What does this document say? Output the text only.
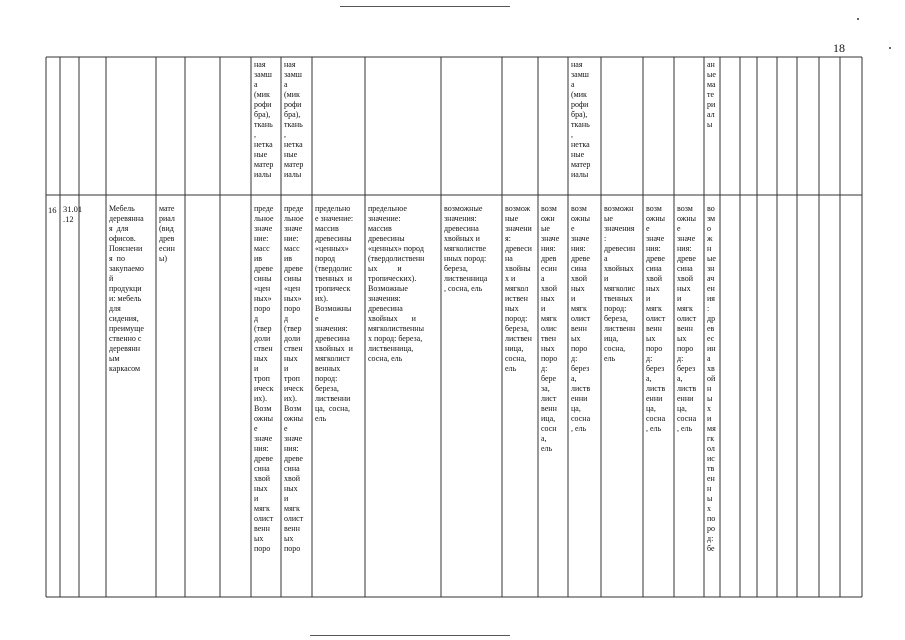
18
ная
замш
а
(мик
рофи
бра),
ткань
,
нетка
ные
матер
иалы
ная
замш
а
(мик
рофи
бра),
ткань
,
нетка
ные
матер
иалы
ная
замш
а
(мик
рофи
бра),
ткань
,
нетка
ные
матер
иалы
ан
ые
ма
те
ри
ал
ы
16 31.01
.12
Мебель
деревянна
я  для
офисов.
Пояснени
я  по
закупаемо
й
продукци
и: мебель
для
сидения,
преимуще
ственно с
деревянн
ым
каркасом
мате
риал
(вид
древ
есин
ы)
преде
льное
значе
ние:
масс
ив
древе
сины
«цен
ных»
поро
д
(твер
доли
ствен
ных
и
троп
ическ
их).
Возм
ожны
е
значе
ния:
древе
сина
хвой
ных
и
мягк
олист
венн
ых
поро
преде
льное
значе
ние:
масс
ив
древе
сины
«цен
ных»
поро
д
(твер
доли
ствен
ных
и
троп
ическ
их).
Возм
ожны
е
значе
ния:
древе
сина
хвой
ных
и
мягк
олист
венн
ых
поро
предельно
е значение:
массив
древесины
«ценных»
пород
(твердолис
твенных  и
тропическ
их).
Возможны
е
значения:
древесина
хвойных  и
мягколист
венных
пород:
береза,
лиственни
ца,  сосна,
ель
предельное
значение:
массив
древесины
«ценных» пород
(твердолиственн
ых          и
тропических).
Возможные
значения:
древесина
хвойных       и
мягколиственны
х пород: береза,
лиственница,
сосна, ель
возможные
значения:
древесина
хвойных и
мягколистве
нных пород:
береза,
лиственница
, сосна, ель
возмож
ные
значени
я:
древеси
на
хвойны
х и
мягкол
иствен
ных
пород:
береза,
листвен
ница,
сосна,
ель
возм
ожн
ые
значе
ния:
древ
есин
а
хвой
ных
и
мягк
олис
твен
ных
поро
д:
бере
за,
лист
венн
ица,
сосн
а,
ель
возм
ожны
е
значе
ния:
древе
сина
хвой
ных
и
мягк
олист
венн
ых
поро
д:
берез
а,
листв
енни
ца,
сосна
, ель
возможн
ые
значения
:
древесин
а
хвойных
и
мягколис
твенных
пород:
береза,
лиственн
ица,
сосна,
ель
возм
ожны
е
значе
ния:
древе
сина
хвой
ных
и
мягк
олист
венн
ых
поро
д:
берез
а,
листв
енни
ца,
сосна
, ель
возм
ожны
е
значе
ния:
древе
сина
хвой
ных
и
мягк
олист
венн
ых
поро
д:
берез
а,
листв
енни
ца,
сосна
, ель
во
зм
о
ж
н
ые
зн
ач
ен
ия
:
др
ев
ес
ин
а
хв
ой
н
ы
х
и
мя
гк
ол
ис
тв
ен
н
ы
х
по
ро
д:
бе
